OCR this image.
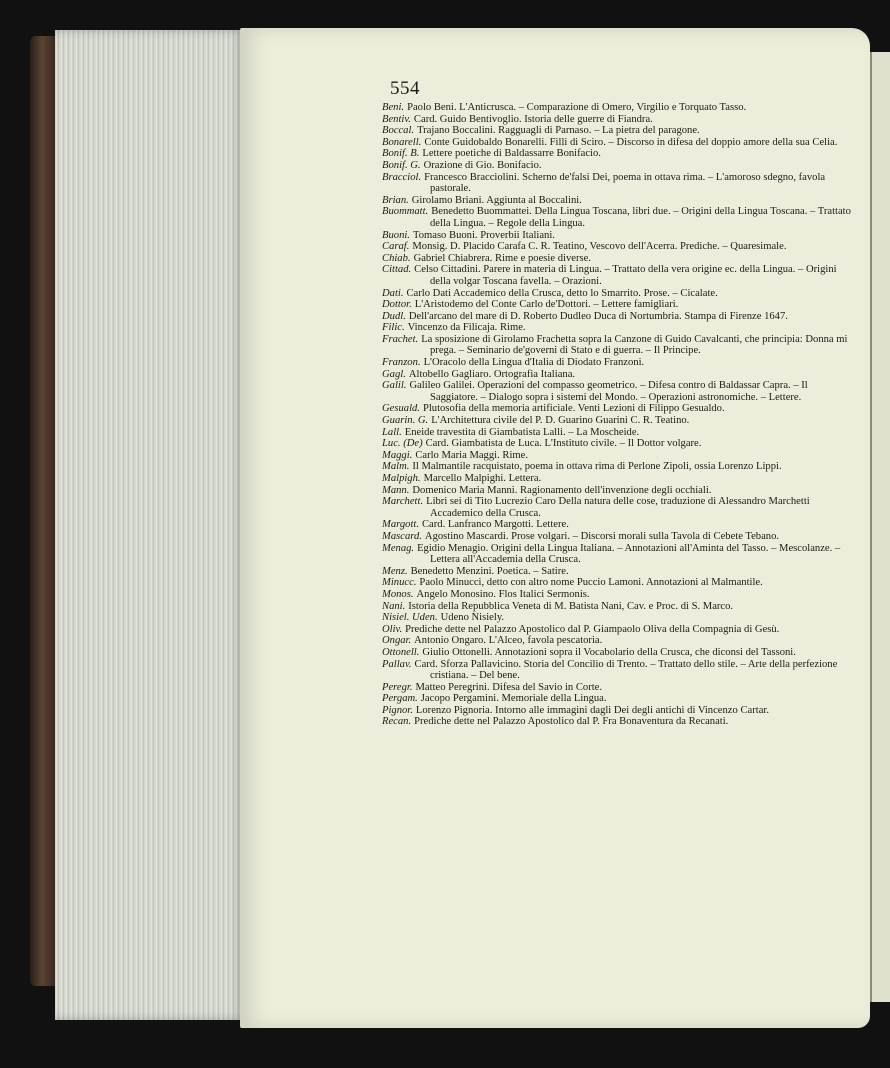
554

Beni. Paolo Beni. L'Anticruscа. – Comparazione di Omero, Virgilio e Torquato Tasso.

Bentiv. Card. Guido Bentivoglio. Istoria delle guerre di Fiandra.

Boccal. Trajano Boccalini. Ragguagli di Parnaso. – La pietra del paragone.

Bonarell. Conte Guidobaldo Bonarelli. Filli di Sciro. – Discorso in difesa del doppio amore della sua Celia.

Bonif. B. Lettere poetiche di Baldassarre Bonifacio.

Bonif. G. Orazione di Gio. Bonifacio.

Bracciol. Francesco Bracciolini. Scherno de'falsi Dei, poema in ottava rima. – L'amoroso sdegno, favola pastorale.

Brian. Girolamo Briani. Aggiunta al Boccalini.

Buommatt. Benedetto Buommattei. Della Lingua Toscana, libri due. – Origini della Lingua Toscana. – Trattato della Lingua. – Regole della Lingua.

Buoni. Tomaso Buoni. Proverbii Italiani.

Caraf. Monsig. D. Placido Carafa C. R. Teatino, Vescovo dell'Acerra. Prediche. – Quaresimale.

Chiab. Gabriel Chiabrera. Rime e poesie diverse.

Cittad. Celso Cittadini. Parere in materia di Lingua. – Trattato della vera origine ec. della Lingua. – Origini della volgar Toscana favella. – Orazioni.

Dati. Carlo Dati Accademico della Crusca, detto lo Smarrito. Prose. – Cicalate.

Dottor. L'Aristodemo del Conte Carlo de'Dottori. – Lettere famigliari.

Dudl. Dell'arcano del mare di D. Roberto Dudleo Duca di Nortumbria. Stampa di Firenze 1647.

Filic. Vincenzo da Filicaja. Rime.

Frachet. La sposizione di Girolamo Frachetta sopra la Canzone di Guido Cavalcanti, che principia: Donna mi prega. – Seminario de'governi di Stato e di guerra. – Il Principe.

Franzon. L'Oracolo della Lingua d'Italia di Diodato Franzoni.

Gagl. Altobello Gagliaro. Ortografia Italiana.

Galil. Galileo Galilei. Operazioni del compasso geometrico. – Difesa contro di Baldassar Capra. – Il Saggiatore. – Dialogo sopra i sistemi del Mondo. – Operazioni astronomiche. – Lettere.

Gesuald. Plutosofia della memoria artificiale. Venti Lezioni di Filippo Gesualdo.

Guarin. G. L'Architettura civile del P. D. Guarino Guarini C. R. Teatino.

Lall. Eneide travestita di Giambatista Lalli. – La Moscheide.

Luc. (De) Card. Giambatista de Luca. L'Instituto civile. – Il Dottor volgare.

Maggi. Carlo Maria Maggi. Rime.

Malm. Il Malmantile racquistato, poema in ottava rima di Perlone Zipoli, ossia Lorenzo Lippi.

Malpigh. Marcello Malpighi. Lettera.

Mann. Domenico Maria Manni. Ragionamento dell'invenzione degli occhiali.

Marchett. Libri sei di Tito Lucrezio Caro Della natura delle cose, traduzione di Alessandro Marchetti Accademico della Crusca.

Margott. Card. Lanfranco Margotti. Lettere.

Mascard. Agostino Mascardi. Prose volgari. – Discorsi morali sulla Tavola di Cebete Tebano.

Menag. Egidio Menagio. Origini della Lingua Italiana. – Annotazioni all'Aminta del Tasso. – Mescolanze. – Lettera all'Accademia della Crusca.

Menz. Benedetto Menzini. Poetica. – Satire.

Minucc. Paolo Minucci, detto con altro nome Puccio Lamoni. Annotazioni al Malmantile.

Monos. Angelo Monosino. Flos Italici Sermonis.

Nani. Istoria della Repubblica Veneta di M. Batista Nani, Cav. e Proc. di S. Marco.

Nisiel. Uden. Udeno Nisiely.

Oliv. Prediche dette nel Palazzo Apostolico dal P. Giampaolo Oliva della Compagnia di Gesù.

Ongar. Antonio Ongaro. L'Alceo, favola pescatoria.

Ottonell. Giulio Ottonelli. Annotazioni sopra il Vocabolario della Crusca, che diconsi del Tassoni.

Pallav. Card. Sforza Pallavicino. Storia del Concilio di Trento. – Trattato dello stile. – Arte della perfezione cristiana. – Del bene.

Peregr. Matteo Peregrini. Difesa del Savio in Corte.

Pergam. Jacopo Pergamini. Memoriale della Lingua.

Pignor. Lorenzo Pignoria. Intorno alle immagini dagli Dei degli antichi di Vincenzo Cartar.

Recan. Prediche dette nel Palazzo Apostolico dal P. Fra Bonaventura da Recanati.
